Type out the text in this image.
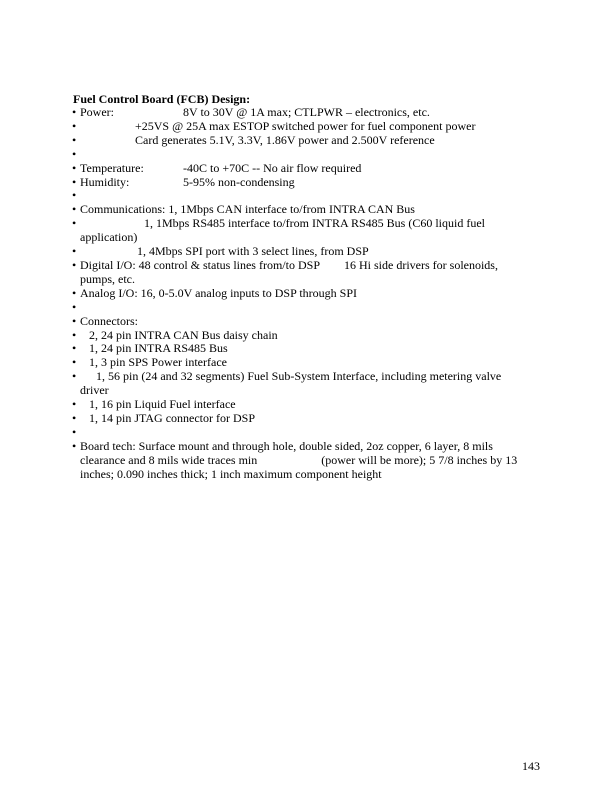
Fuel Control Board (FCB) Design:
• Power:	8V to 30V @ 1A max; CTLPWR – electronics, etc.
•	+25VS @ 25A max ESTOP switched power for fuel component power
•	Card generates 5.1V, 3.3V, 1.86V power and 2.500V reference
•

• Temperature:	-40C to +70C -- No air flow required
• Humidity:	5-95% non-condensing
•

• Communications: 1, 1Mbps CAN interface to/from INTRA CAN Bus
•	1, 1Mbps RS485 interface to/from INTRA RS485 Bus (C60 liquid fuel
application)
•	1, 4Mbps SPI port with 3 select lines, from DSP
• Digital I/O: 48 control & status lines from/to DSP 16 Hi side drivers for solenoids,
pumps, etc.
• Analog I/O: 16, 0-5.0V analog inputs to DSP through SPI
•

• Connectors:
• 2, 24 pin INTRA CAN Bus daisy chain
• 1, 24 pin INTRA RS485 Bus
• 1, 3 pin SPS Power interface
• 1, 56 pin (24 and 32 segments) Fuel Sub-System Interface, including metering valve
driver
• 1, 16 pin Liquid Fuel interface
• 1, 14 pin JTAG connector for DSP
•

• Board tech: Surface mount and through hole, double sided, 2oz copper, 6 layer, 8 mils
clearance and 8 mils wide traces min	(power will be more); 5 7/8 inches by 13
inches; 0.090 inches thick; 1 inch maximum component height
143
